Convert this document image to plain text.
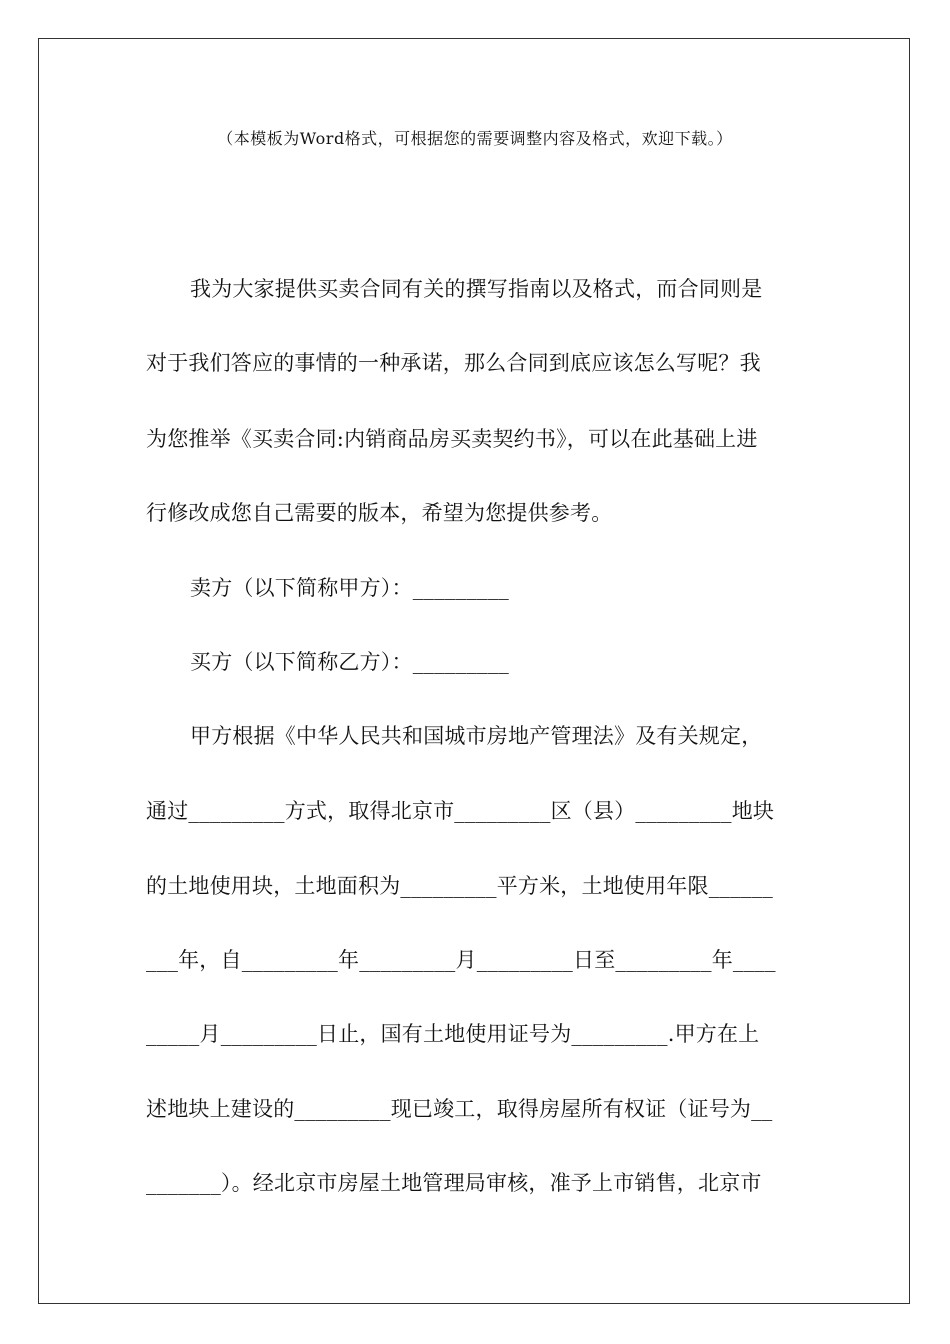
（本模板为Word格式，可根据您的需要调整内容及格式，欢迎下载。）
我为大家提供买卖合同有关的撰写指南以及格式，而合同则是
对于我们答应的事情的一种承诺，那么合同到底应该怎么写呢？我
为您推举《买卖合同:内销商品房买卖契约书》，可以在此基础上进
行修改成您自己需要的版本，希望为您提供参考。
卖方（以下简称甲方）：_________
买方（以下简称乙方）：_________
甲方根据《中华人民共和国城市房地产管理法》及有关规定，
通过_________方式，取得北京市_________区（县）_________地块
的土地使用块，土地面积为_________平方米，土地使用年限______
___年，自_________年_________月_________日至_________年____
_____月_________日止，国有土地使用证号为_________.甲方在上
述地块上建设的_________现已竣工，取得房屋所有权证（证号为__
_______）。经北京市房屋土地管理局审核，准予上市销售，北京市
